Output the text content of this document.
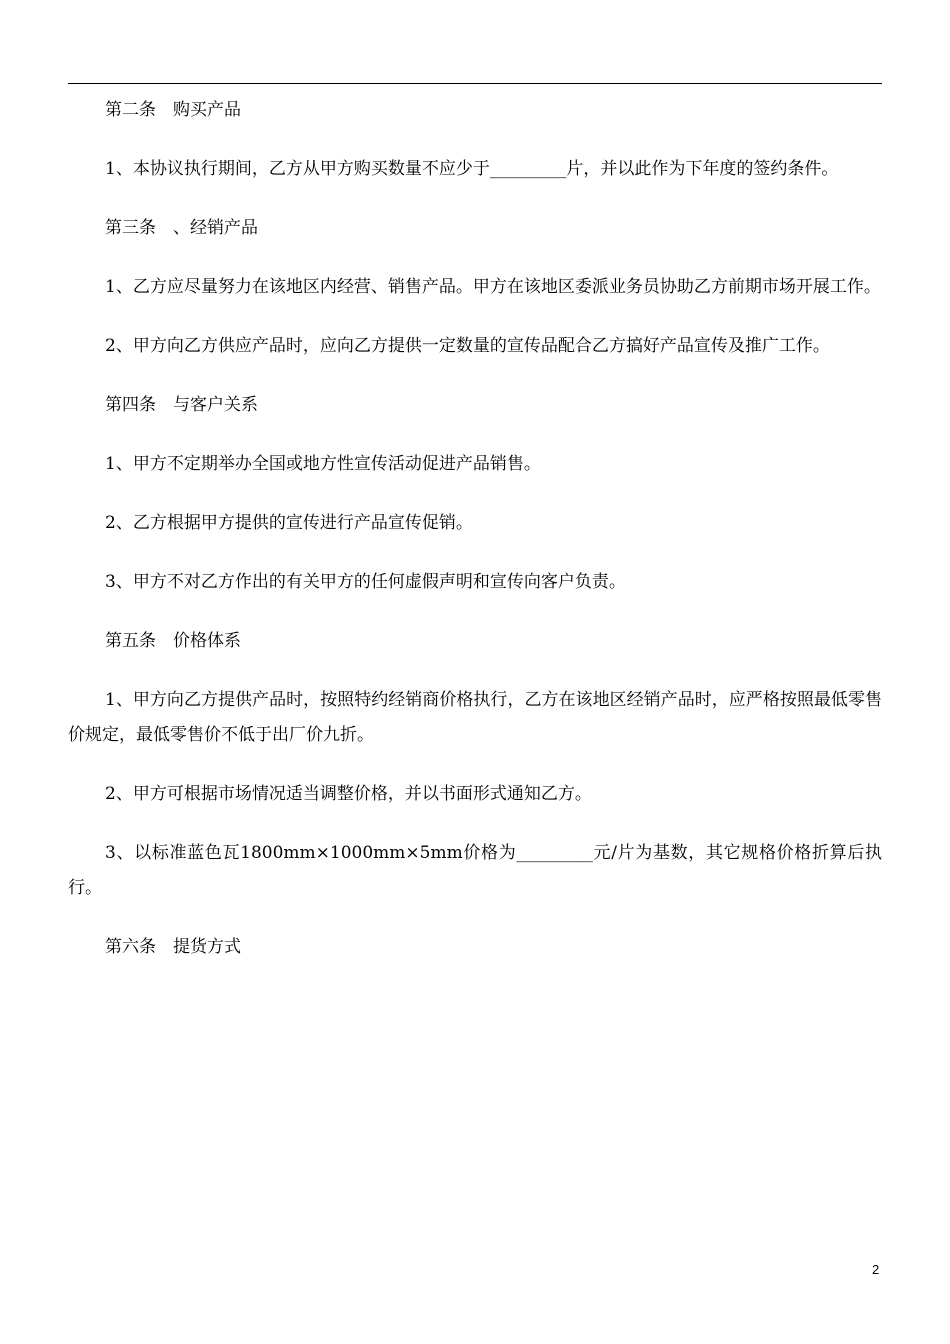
第二条　购买产品

1、本协议执行期间，乙方从甲方购买数量不应少于_________片，并以此作为下年度的签约条件。

第三条　、经销产品

1、乙方应尽量努力在该地区内经营、销售产品。甲方在该地区委派业务员协助乙方前期市场开展工作。

2、甲方向乙方供应产品时，应向乙方提供一定数量的宣传品配合乙方搞好产品宣传及推广工作。

第四条　与客户关系

1、甲方不定期举办全国或地方性宣传活动促进产品销售。

2、乙方根据甲方提供的宣传进行产品宣传促销。

3、甲方不对乙方作出的有关甲方的任何虚假声明和宣传向客户负责。

第五条　价格体系

1、甲方向乙方提供产品时，按照特约经销商价格执行，乙方在该地区经销产品时，应严格按照最低零售价规定，最低零售价不低于出厂价九折。

2、甲方可根据市场情况适当调整价格，并以书面形式通知乙方。

3、以标准蓝色瓦1800mm×1000mm×5mm价格为_________元/片为基数，其它规格价格折算后执行。

第六条　提货方式

2
